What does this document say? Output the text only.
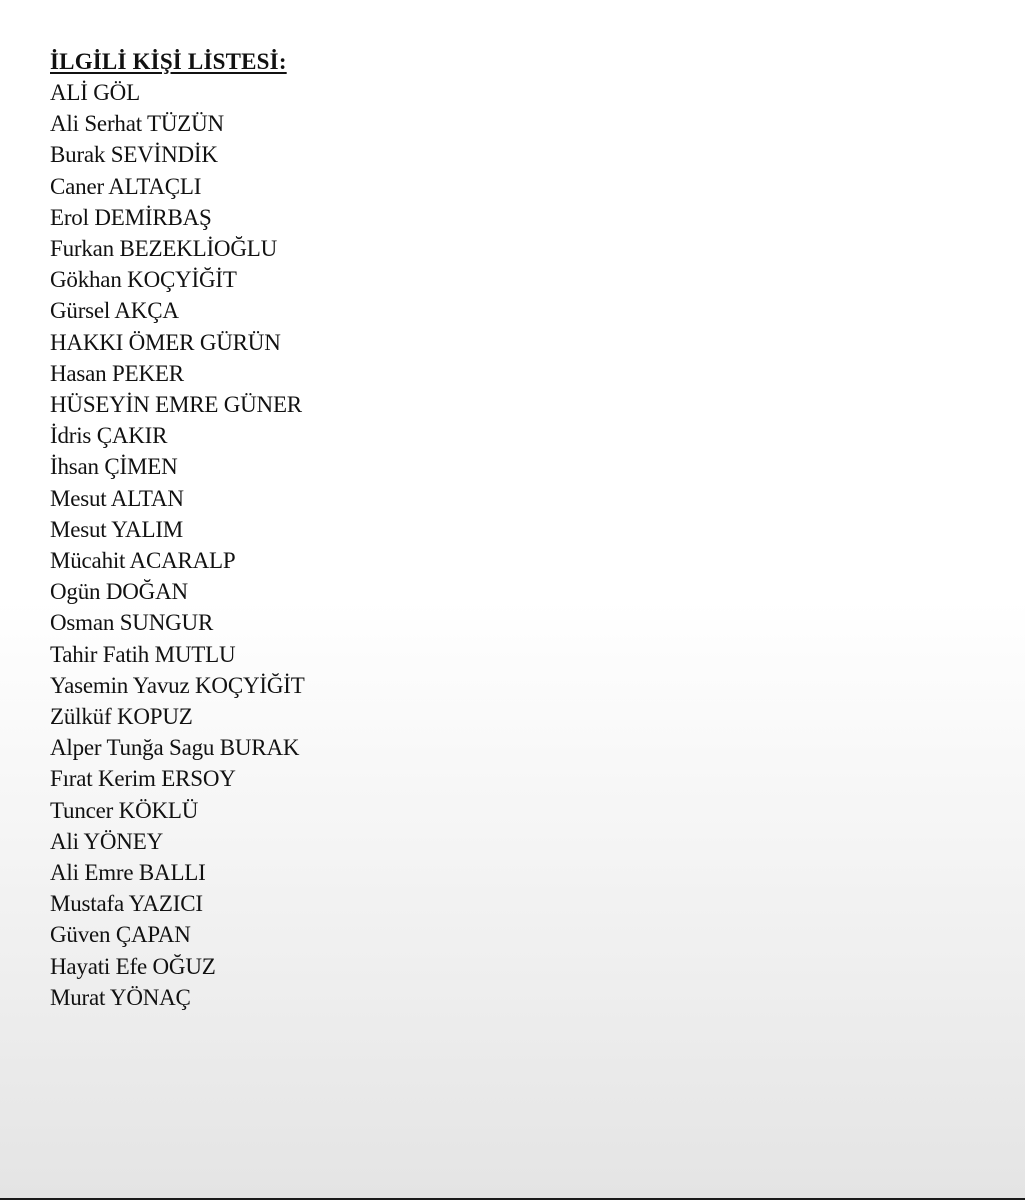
İLGİLİ KİŞİ LİSTESİ:
ALİ GÖL
Ali Serhat TÜZÜN
Burak SEVİNDİK
Caner ALTAÇLI
Erol DEMİRBAŞ
Furkan BEZEKLİOĞLU
Gökhan KOÇYİĞİT
Gürsel AKÇA
HAKKI ÖMER GÜRÜN
Hasan PEKER
HÜSEYİN EMRE GÜNER
İdris ÇAKIR
İhsan ÇİMEN
Mesut ALTAN
Mesut YALIM
Mücahit ACARALP
Ogün DOĞAN
Osman SUNGUR
Tahir Fatih MUTLU
Yasemin Yavuz KOÇYİĞİT
Zülküf KOPUZ
Alper Tunğa Sagu BURAK
Fırat Kerim ERSOY
Tuncer KÖKLÜ
Ali YÖNEY
Ali Emre BALLI
Mustafa YAZICI
Güven ÇAPAN
Hayati Efe OĞUZ
Murat YÖNAÇ
